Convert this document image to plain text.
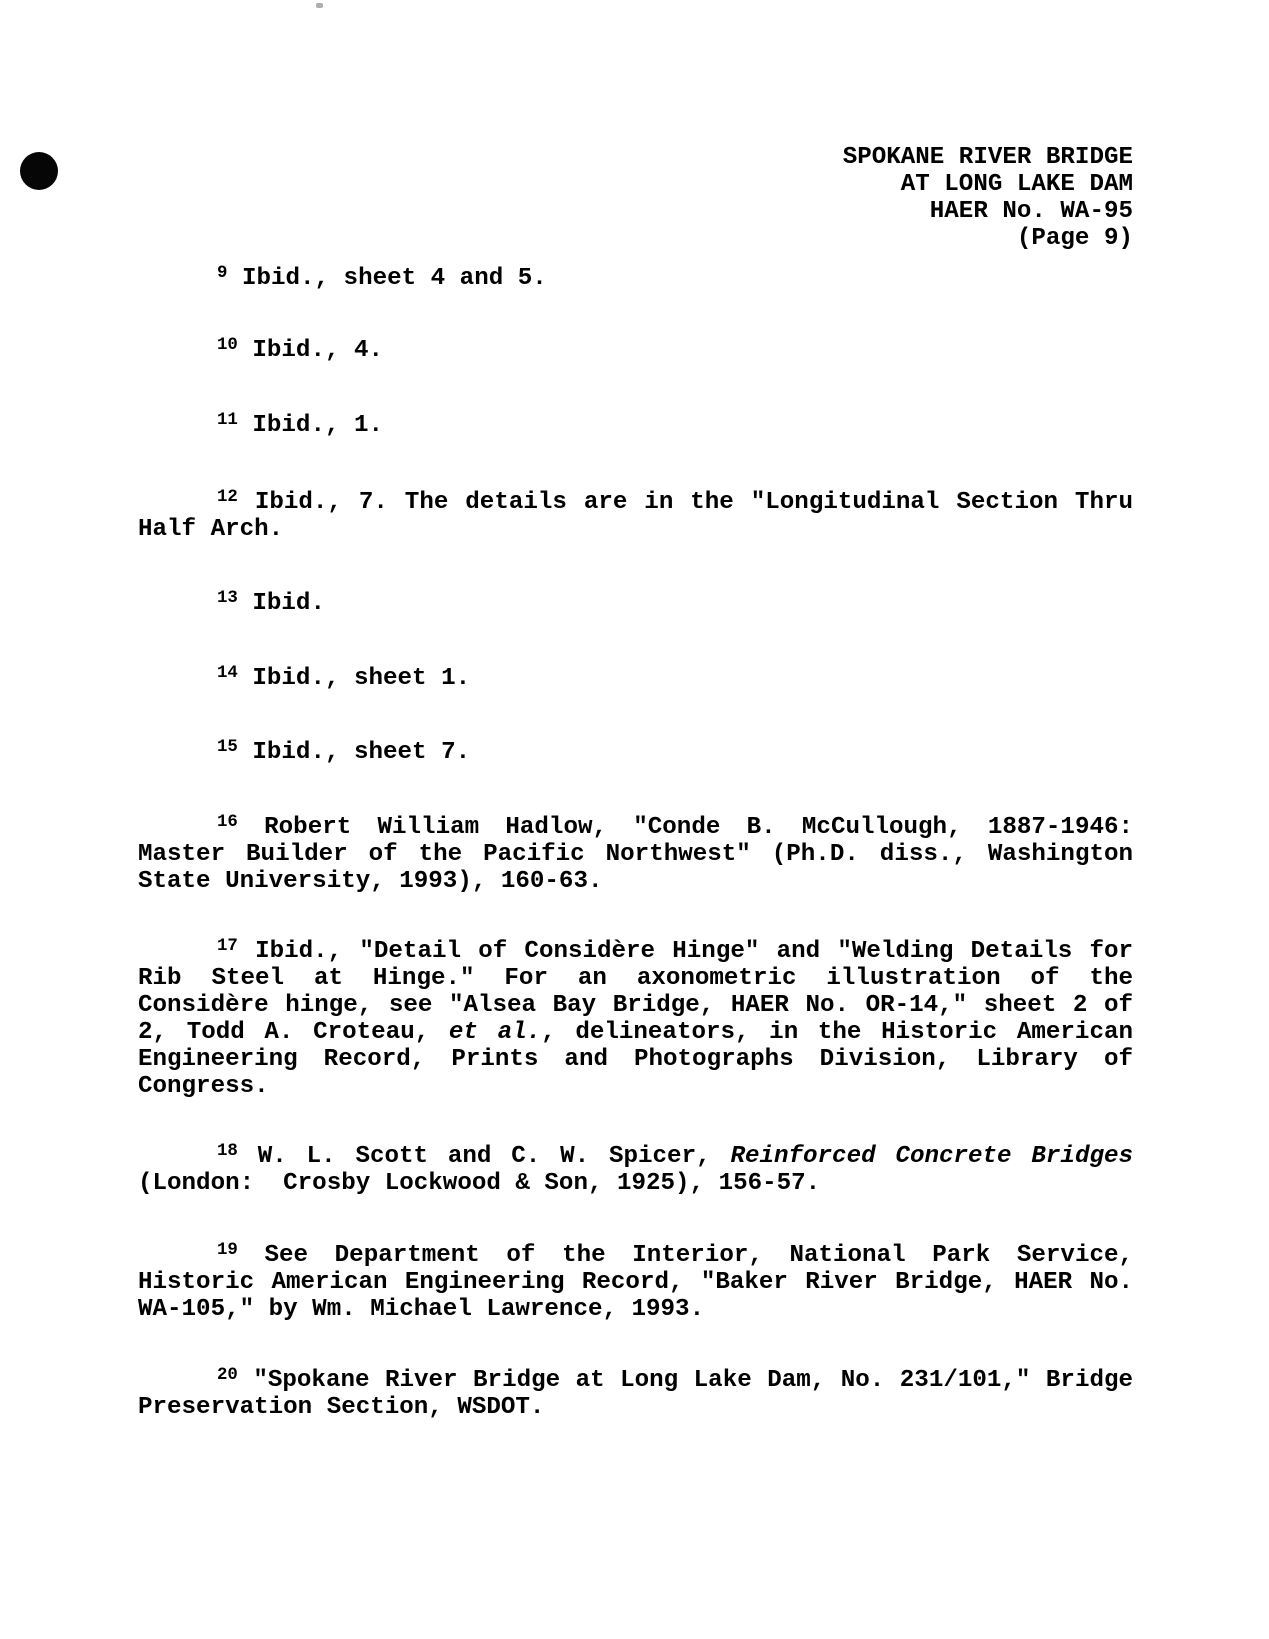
SPOKANE RIVER BRIDGE
AT LONG LAKE DAM
HAER No. WA-95
(Page 9)
$^9$ Ibid., sheet 4 and 5.
$^{10}$ Ibid., 4.
$^{11}$ Ibid., 1.
$^{12}$ Ibid., 7. The details are in the "Longitudinal Section Thru
Half Arch.
$^{13}$ Ibid.
$^{14}$ Ibid., sheet 1.
$^{15}$ Ibid., sheet 7.
$^{16}$ Robert William Hadlow, "Conde B. McCullough, 1887-1946:
Master Builder of the Pacific Northwest" (Ph.D. diss., Washington
State University, 1993), 160-63.
$^{17}$ Ibid., "Detail of Considère Hinge" and "Welding Details for
Rib Steel at Hinge." For an axonometric illustration of the
Considère hinge, see "Alsea Bay Bridge, HAER No. OR-14," sheet 2 of
2, Todd A. Croteau, et al., delineators, in the Historic American
Engineering Record, Prints and Photographs Division, Library of
Congress.
$^{18}$ W. L. Scott and C. W. Spicer, Reinforced Concrete Bridges
(London:  Crosby Lockwood & Son, 1925), 156-57.
$^{19}$ See Department of the Interior, National Park Service,
Historic American Engineering Record, "Baker River Bridge, HAER No.
WA-105," by Wm. Michael Lawrence, 1993.
$^{20}$ "Spokane River Bridge at Long Lake Dam, No. 231/101," Bridge
Preservation Section, WSDOT.
